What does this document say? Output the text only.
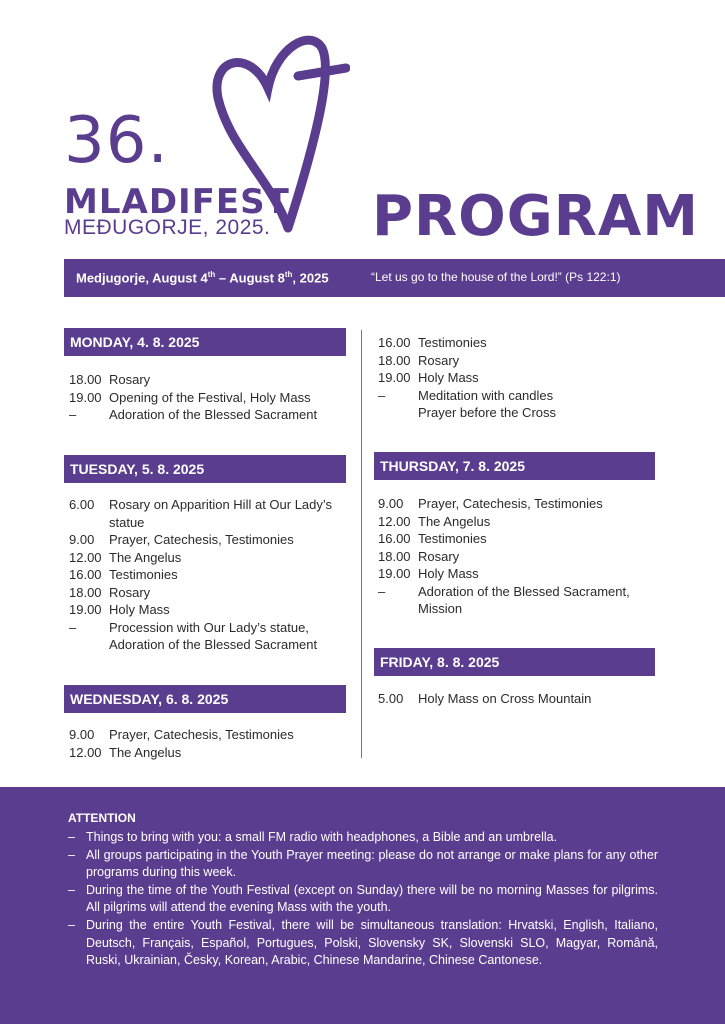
36.
MLADIFEST
MEĐUGORJE, 2025. PROGRAM
Medjugorje, August 4th – August 8th, 2025	“Let us go to the house of the Lord!” (Ps 122:1)
MONDAY, 4. 8. 2025
18.00 Rosary
19.00 Opening of the Festival, Holy Mass
–	Adoration of the Blessed Sacrament
TUESDAY, 5. 8. 2025
6.00	Rosary on Apparition Hill at Our Lady’s statue
9.00	Prayer, Catechesis, Testimonies
12.00 The Angelus
16.00 Testimonies
18.00 Rosary
19.00 Holy Mass
–	Procession with Our Lady’s statue, Adoration of the Blessed Sacrament
WEDNESDAY, 6. 8. 2025
9.00	Prayer, Catechesis, Testimonies
12.00 The Angelus
16.00 Testimonies
18.00 Rosary
19.00 Holy Mass
–	Meditation with candles
Prayer before the Cross
THURSDAY, 7. 8. 2025
9.00	Prayer, Catechesis, Testimonies
12.00 The Angelus
16.00 Testimonies
18.00 Rosary
19.00 Holy Mass
–	Adoration of the Blessed Sacrament, Mission
FRIDAY, 8. 8. 2025
5.00	Holy Mass on Cross Mountain
ATTENTION
– Things to bring with you: a small FM radio with headphones, a Bible and an umbrella.
– All groups participating in the Youth Prayer meeting: please do not arrange or make plans for any other programs during this week.
– During the time of the Youth Festival (except on Sunday) there will be no morning Masses for pilgrims. All pilgrims will attend the evening Mass with the youth.
– During the entire Youth Festival, there will be simultaneous translation: Hrvatski, English, Italiano, Deutsch, Français, Español, Portugues, Polski, Slovensky SK, Slovenski SLO, Magyar, Română, Ruski, Ukrainian, Česky, Korean, Arabic, Chinese Mandarine, Chinese Cantonese.
